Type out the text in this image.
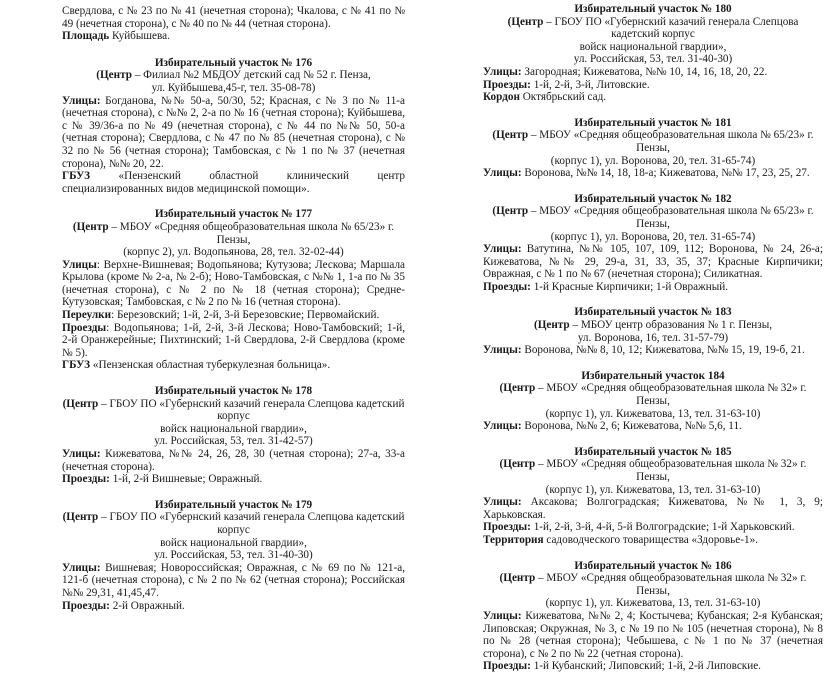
Свердлова, с № 23 по № 41 (нечетная сторона); Чкалова, с № 41 по № 49 (нечетная сторона), с № 40 по № 44 (четная сторона).
Площадь Куйбышева.
Избирательный участок № 176
(Центр – Филиал №2 МБДОУ детский сад № 52 г. Пенза,
ул. Куйбышева,45-г, тел. 35-08-78)
Улицы: Богданова, №№ 50-а, 50/30, 52; Красная, с № 3 по № 11-а (нечетная сторона), с №№ 2, 2-а по № 16 (четная сторона); Куйбышева, с № 39/36-а по № 49 (нечетная сторона), с № 44 по №№ 50, 50-а (четная сторона); Свердлова, с № 47 по № 85 (нечетная сторона), с № 32 по № 56 (четная сторона); Тамбовская, с № 1 по № 37 (нечетная сторона), №№ 20, 22.
ГБУЗ «Пензенский областной клинический центр специализированных видов медицинской помощи».
Избирательный участок № 177
(Центр – МБОУ «Средняя общеобразовательная школа № 65/23» г. Пензы,
(корпус 2), ул. Водопьянова, 28, тел. 32-02-44)
Улицы: Верхне-Вишневая; Водопьянова; Кутузова; Лескова; Маршала Крылова (кроме № 2-а, № 2-б); Ново-Тамбовская, с №№ 1, 1-а по № 35 (нечетная сторона), с № 2 по № 18 (четная сторона); Средне-Кутузовская; Тамбовская, с № 2 по № 16 (четная сторона).
Переулки: Березовский; 1-й, 2-й, 3-й Березовские; Первомайский.
Проезды: Водопьянова; 1-й, 2-й, 3-й Лескова; Ново-Тамбовский; 1-й, 2-й Оранжерейные; Пихтинский; 1-й Свердлова, 2-й Свердлова (кроме № 5).
ГБУЗ «Пензенская областная туберкулезная больница».
Избирательный участок № 178
(Центр – ГБОУ ПО «Губернский казачий генерала Слепцова кадетский корпус
войск национальной гвардии»,
ул. Российская, 53, тел. 31-42-57)
Улицы: Кижеватова, №№ 24, 26, 28, 30 (четная сторона); 27-а, 33-а (нечетная сторона).
Проезды: 1-й, 2-й Вишневые; Овражный.
Избирательный участок № 179
(Центр – ГБОУ ПО «Губернский казачий генерала Слепцова кадетский корпус
войск национальной гвардии»,
ул. Российская, 53, тел. 31-40-30)
Улицы: Вишневая; Новороссийская; Овражная, с № 69 по № 121-а, 121-б (нечетная сторона), с № 2 по № 62 (четная сторона); Российская №№ 29,31, 41,45,47.
Проезды: 2-й Овражный.
Избирательный участок № 180
(Центр – ГБОУ ПО «Губернский казачий генерала Слепцова кадетский корпус
войск национальной гвардии»,
ул. Российская, 53, тел. 31-40-30)
Улицы: Загородная; Кижеватова, №№ 10, 14, 16, 18, 20, 22.
Проезды: 1-й, 2-й, 3-й, Литовские.
Кордон Октябрьский сад.
Избирательный участок № 181
(Центр – МБОУ «Средняя общеобразовательная школа № 65/23» г. Пензы,
(корпус 1), ул. Воронова, 20, тел. 31-65-74)
Улицы: Воронова, №№ 14, 18, 18-а; Кижеватова, №№ 17, 23, 25, 27.
Избирательный участок № 182
(Центр – МБОУ «Средняя общеобразовательная школа № 65/23» г. Пензы,
(корпус 1), ул. Воронова, 20, тел. 31-65-74)
Улицы: Ватутина, №№ 105, 107, 109, 112; Воронова, № 24, 26-а; Кижеватова, №№ 29, 29-а, 31, 33, 35, 37; Красные Кирпичики; Овражная, с № 1 по № 67 (нечетная сторона); Силикатная.
Проезды: 1-й Красные Кирпичики; 1-й Овражный.
Избирательный участок № 183
(Центр – МБОУ центр образования № 1 г. Пензы,
ул. Воронова, 16, тел. 31-57-79)
Улицы: Воронова, №№ 8, 10, 12; Кижеватова, №№ 15, 19, 19-б, 21.
Избирательный участок 184
(Центр – МБОУ «Средняя общеобразовательная школа № 32» г. Пензы,
(корпус 1), ул. Кижеватова, 13, тел. 31-63-10)
Улицы: Воронова, №№ 2, 6; Кижеватова, №№ 5,6, 11.
Избирательный участок № 185
(Центр – МБОУ «Средняя общеобразовательная школа № 32» г. Пензы,
(корпус 1), ул. Кижеватова, 13, тел. 31-63-10)
Улицы: Аксакова; Волгоградская; Кижеватова, №№ 1, 3, 9; Харьковская.
Проезды: 1-й, 2-й, 3-й, 4-й, 5-й Волгоградские; 1-й Харьковский.
Территория садоводческого товарищества «Здоровье-1».
Избирательный участок № 186
(Центр – МБОУ «Средняя общеобразовательная школа № 32» г. Пензы,
(корпус 1), ул. Кижеватова, 13, тел. 31-63-10)
Улицы: Кижеватова, №№ 2, 4; Костычева; Кубанская; 2-я Кубанская; Липовская; Окружная, № 3, с № 19 по № 105 (нечетная сторона), № 8 по № 28 (четная сторона); Чебышева, с № 1 по № 37 (нечетная сторона), с № 2 по № 22 (четная сторона).
Проезды: 1-й Кубанский; Липовский; 1-й, 2-й Липовские.
